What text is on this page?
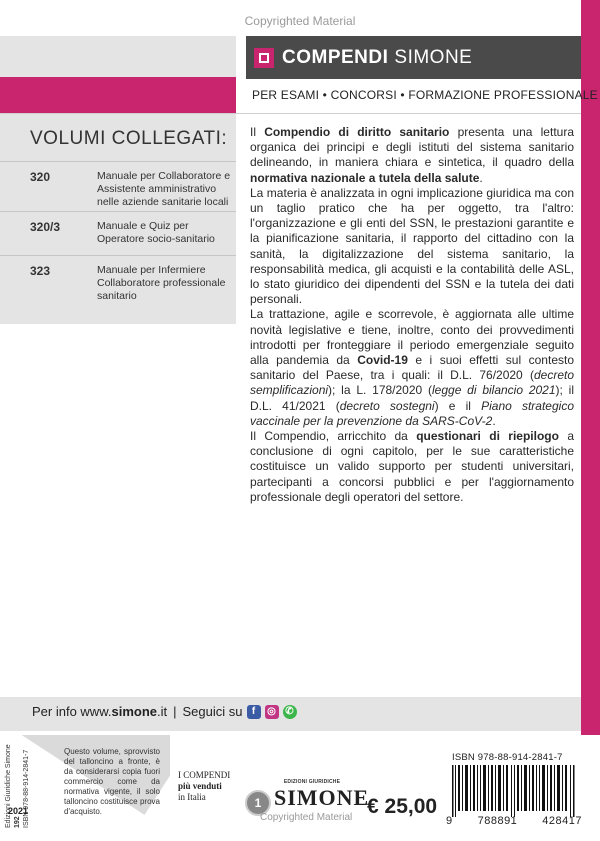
Copyrighted Material
COMPENDI SIMONE
PER ESAMI • CONCORSI • FORMAZIONE PROFESSIONALE
VOLUMI COLLEGATI:
320	Manuale per Collaboratore e Assistente amministrativo nelle aziende sanitarie locali
320/3	Manuale e Quiz per Operatore socio-sanitario
323	Manuale per Infermiere Collaboratore professionale sanitario

Il Compendio di diritto sanitario presenta una lettura organica dei principi e degli istituti del sistema sanitario delineando, in maniera chiara e sintetica, il quadro della normativa nazionale a tutela della salute.

La materia è analizzata in ogni implicazione giuridica ma con un taglio pratico che ha per oggetto, tra l'altro: l'organizzazione e gli enti del SSN, le prestazioni garantite e la pianificazione sanitaria, il rapporto del cittadino con la sanità, la digitalizzazione del sistema sanitario, la responsabilità medica, gli acquisti e la contabilità delle ASL, lo stato giuridico dei dipendenti del SSN e la tutela dei dati personali.

La trattazione, agile e scorrevole, è aggiornata alle ultime novità legislative e tiene, inoltre, conto dei provvedimenti introdotti per fronteggiare il periodo emergenziale seguito alla pandemia da Covid-19 e i suoi effetti sul contesto sanitario del Paese, tra i quali: il D.L. 76/2020 (decreto semplificazioni); la L. 178/2020 (legge di bilancio 2021); il D.L. 41/2021 (decreto sostegni) e il Piano strategico vaccinale per la prevenzione da SARS-CoV-2.

Il Compendio, arricchito da questionari di riepilogo a conclusione di ogni capitolo, per le sue caratteristiche costituisce un valido supporto per studenti universitari, partecipanti a concorsi pubblici e per l'aggiornamento professionale degli operatori del settore.

Per info www.simone.it | Seguici su f	◎ ✆
Questo volume, sprovvisto del talloncino a fronte, è da considerarsi copia fuori commercio come da normativa vigente, il solo talloncino costituisce prova d'acquisto.
Edizioni Giuridiche Simone 192 ISBN 978-88-914-2841-7
2021
I COMPENDI
più venduti
in Italia	1
EDIZIONI GIURIDICHE
SIMONE
Copyrighted Material € 25,00
ISBN 978-88-914-2841-7
9 788891 428417
